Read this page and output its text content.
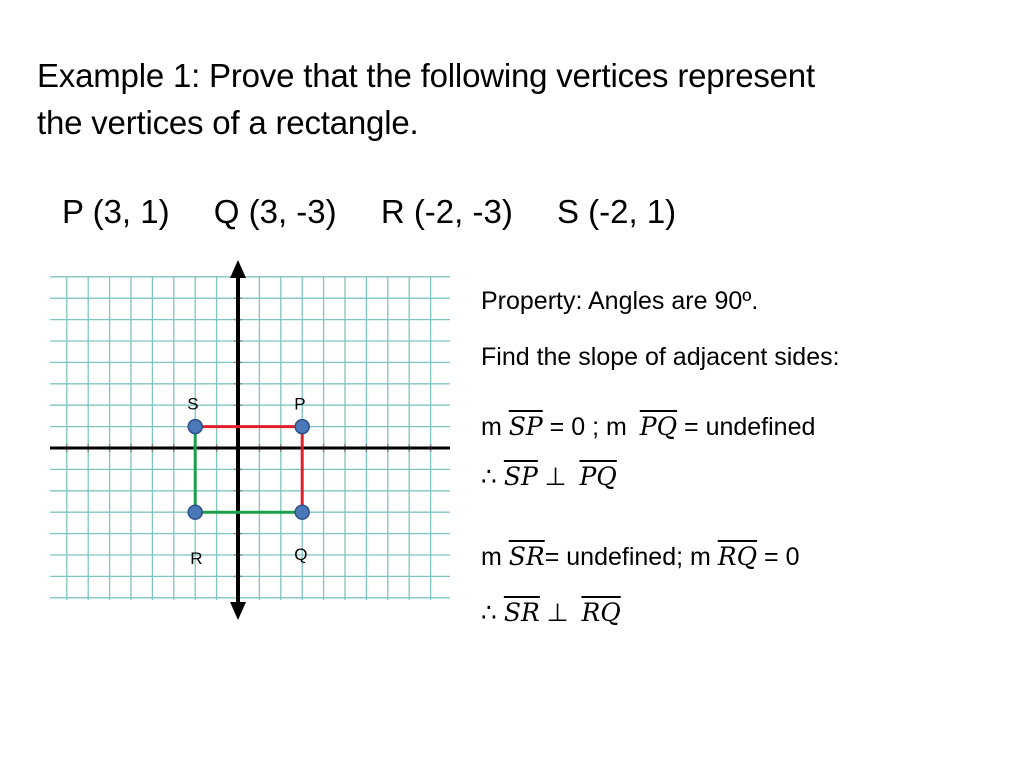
Example 1: Prove that the following vertices represent
the vertices of a rectangle.
P (3, 1) Q (3, -3) R (-2, -3) S (-2, 1)
S	P
R	Q
Property: Angles are 90º.
Find the slope of adjacent sides:
m $\overline{SP} = 0$ ; m $\overline{PQ}$ = undefined
∴ $\overline{SP}$ ⊥ $\overline{PQ}$
m $\overline{SR}=$ undefined; m $\overline{RQ} = 0$
∴ $\overline{SR}$ ⊥ $\overline{RQ}$
